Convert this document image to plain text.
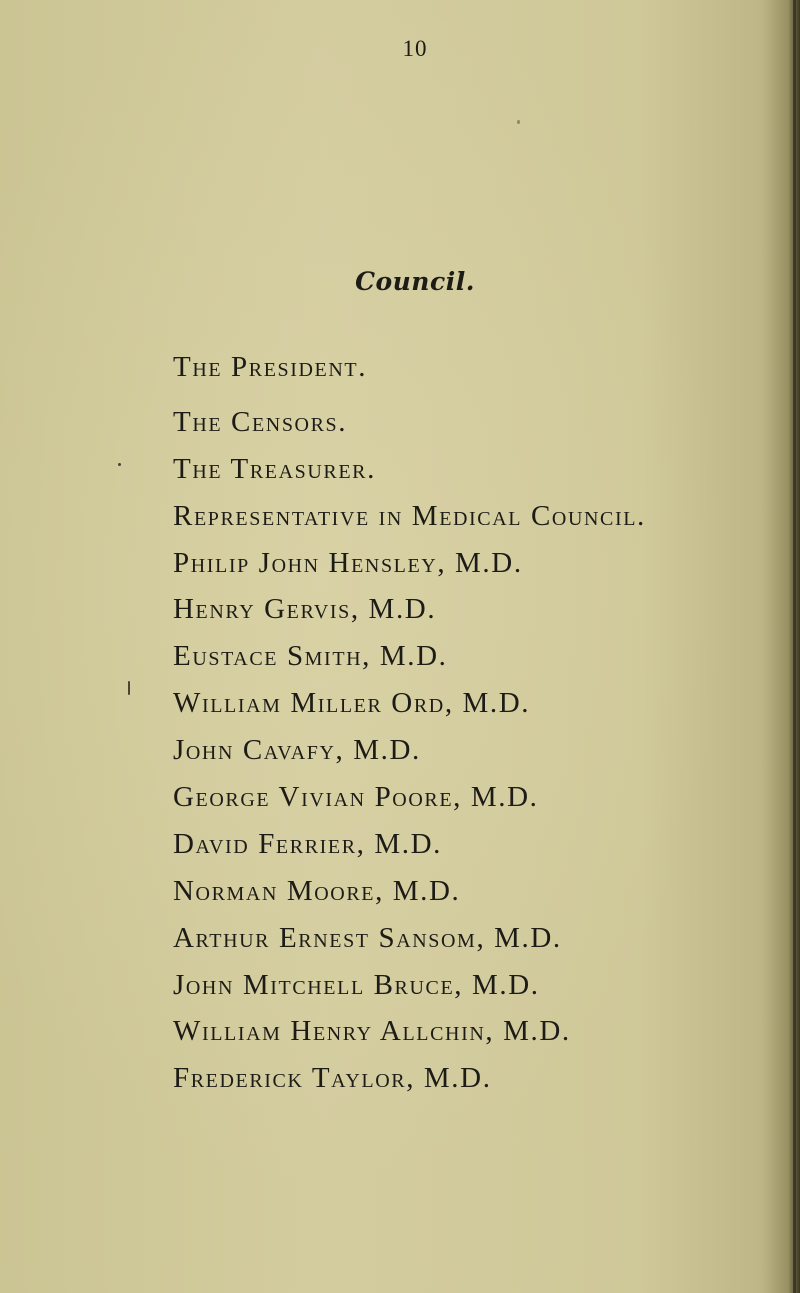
10
Council.
The President.
The Censors.
The Treasurer.
Representative in Medical Council.
Philip John Hensley, M.D.
Henry Gervis, M.D.
Eustace Smith, M.D.
William Miller Ord, M.D.
John Cavafy, M.D.
George Vivian Poore, M.D.
David Ferrier, M.D.
Norman Moore, M.D.
Arthur Ernest Sansom, M.D.
John Mitchell Bruce, M.D.
William Henry Allchin, M.D.
Frederick Taylor, M.D.
